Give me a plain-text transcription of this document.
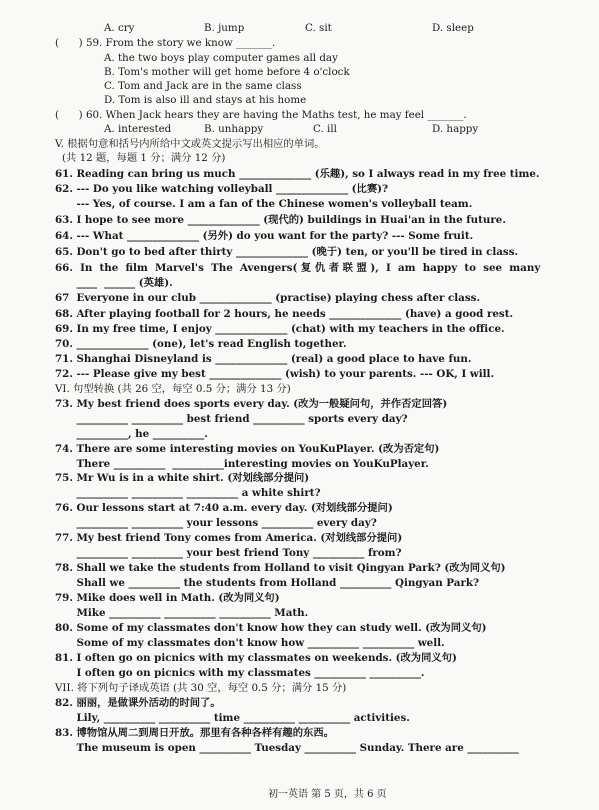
A. cry	B. jump	C. sit	D. sleep
(      ) 59. From the story we know _______.
A. the two boys play computer games all day
B. Tom's mother will get home before 4 o'clock
C. Tom and Jack are in the same class
D. Tom is also ill and stays at his home
(      ) 60. When Jack hears they are having the Maths test, he may feel _______.
A. interested	B. unhappy	C. ill	D. happy
V. 根据句意和括号内所给中文或英文提示写出相应的单词。
(共 12 题，每题 1 分；满分 12 分)
61. Reading can bring us much ______________ (乐趣), so I always read in my free time.
62. --- Do you like watching volleyball ______________ (比赛)?
--- Yes, of course. I am a fan of the Chinese women's volleyball team.
63. I hope to see more ______________ (现代的) buildings in Huai'an in the future.
64. --- What ______________ (另外) do you want for the party? --- Some fruit.
65. Don't go to bed after thirty ______________ (晚于) ten, or you'll be tired in class.
66.  In  the  film  Marvel's  The  Avengers( 复 仇 者 联 盟 ),  I  am  happy  to  see  many
____  ______ (英雄).
67  Everyone in our club ______________ (practise) playing chess after class.
68. After playing football for 2 hours, he needs ______________ (have) a good rest.
69. In my free time, I enjoy ______________ (chat) with my teachers in the office.
70. ______________ (one), let's read English together.
71. Shanghai Disneyland is ______________ (real) a good place to have fun.
72. --- Please give my best ______________ (wish) to your parents. --- OK, I will.
VI. 句型转换 (共 26 空，每空 0.5 分；满分 13 分)
73. My best friend does sports every day. (改为一般疑问句，并作否定回答)
__________ __________ best friend __________ sports every day?
__________, he __________.
74. There are some interesting movies on YouKuPlayer. (改为否定句)
There __________  __________interesting movies on YouKuPlayer.
75. Mr Wu is in a white shirt. (对划线部分提问)
__________ __________ __________ a white shirt?
76. Our lessons start at 7:40 a.m. every day. (对划线部分提问)
__________ __________ your lessons __________ every day?
77. My best friend Tony comes from America. (对划线部分提问)
__________ __________ your best friend Tony __________ from?
78. Shall we take the students from Holland to visit Qingyan Park? (改为同义句)
Shall we __________ the students from Holland __________ Qingyan Park?
79. Mike does well in Math. (改为同义句)
Mike __________ __________ __________ Math.
80. Some of my classmates don't know how they can study well. (改为同义句)
Some of my classmates don't know how __________ __________ well.
81. I often go on picnics with my classmates on weekends. (改为同义句)
I often go on picnics with my classmates __________ __________.
VII. 将下列句子译成英语 (共 30 空，每空 0.5 分；满分 15 分)
82. 丽丽，是做课外活动的时间了。
Lily, __________ __________ time __________ __________ activities.
83. 博物馆从周二到周日开放。那里有各种各样有趣的东西。
The museum is open __________ Tuesday __________ Sunday. There are __________
初一英语 第 5 页，共 6 页
